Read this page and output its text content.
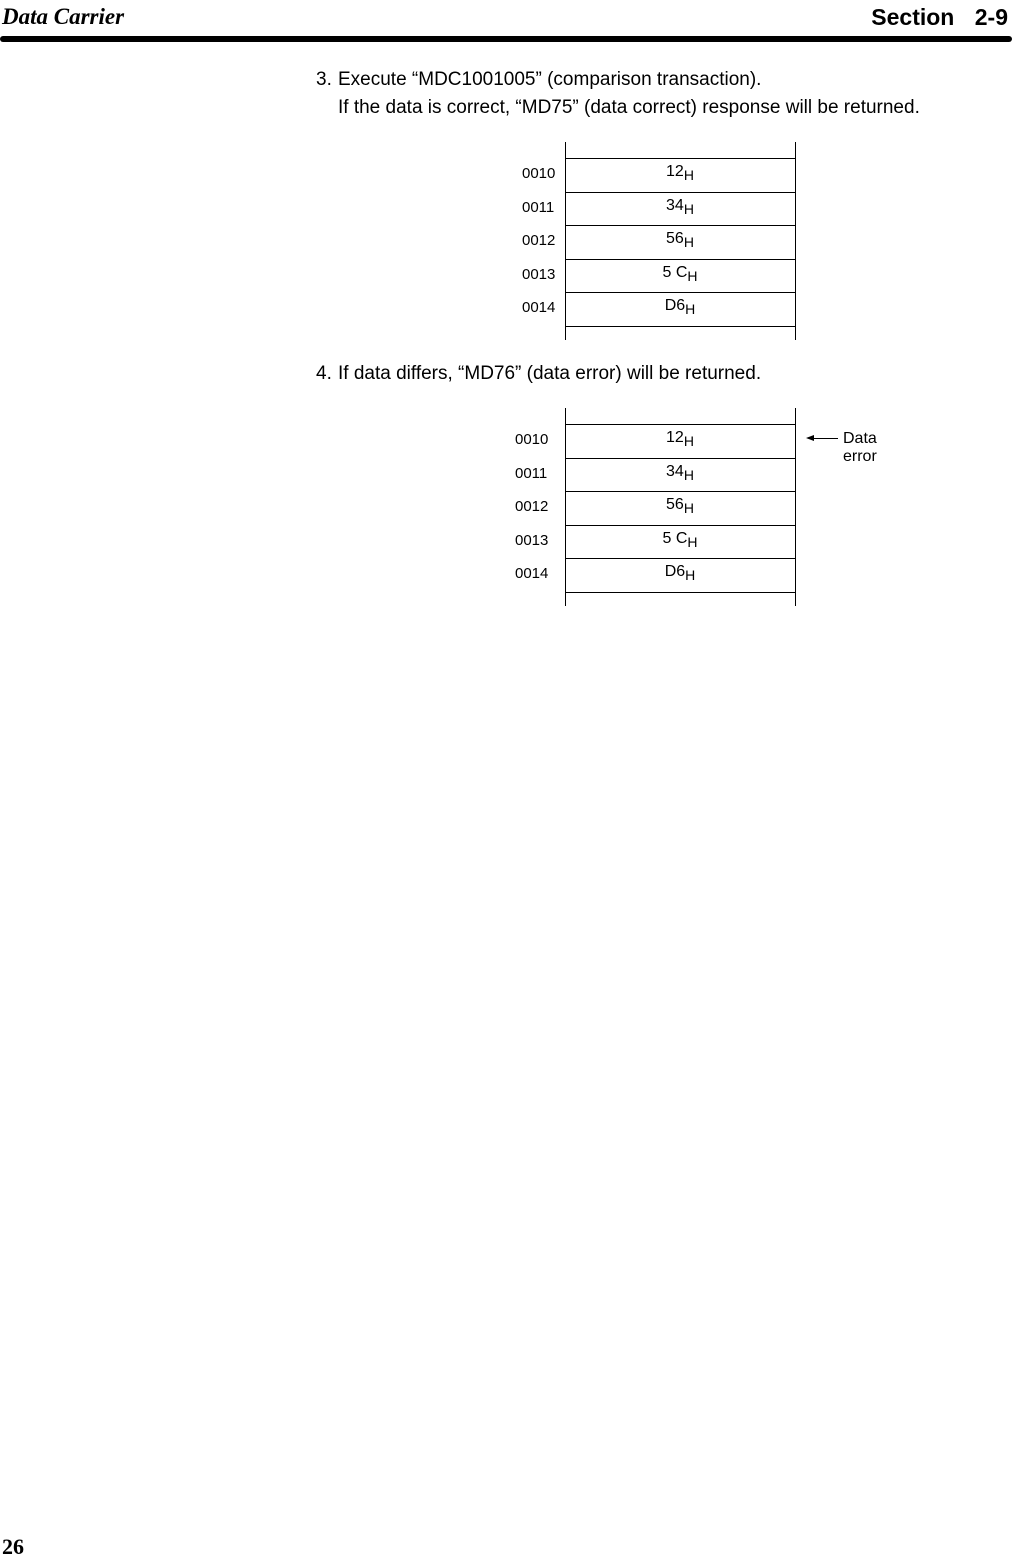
Data Carrier	Section 2-9
3. Execute “MDC1001005” (comparison transaction).
If the data is correct, “MD75” (data correct) response will be returned.
0010
0011
0012
0013
0014
$12_H$
$34_H$
$56_H$
5 $C_H$
$D6_H$
4. If data differs, “MD76” (data error) will be returned.
0010
0011
0012
0013
0014
$12_H$
$34_H$
$56_H$
5 $C_H$
$D6_H$
Data error
26
